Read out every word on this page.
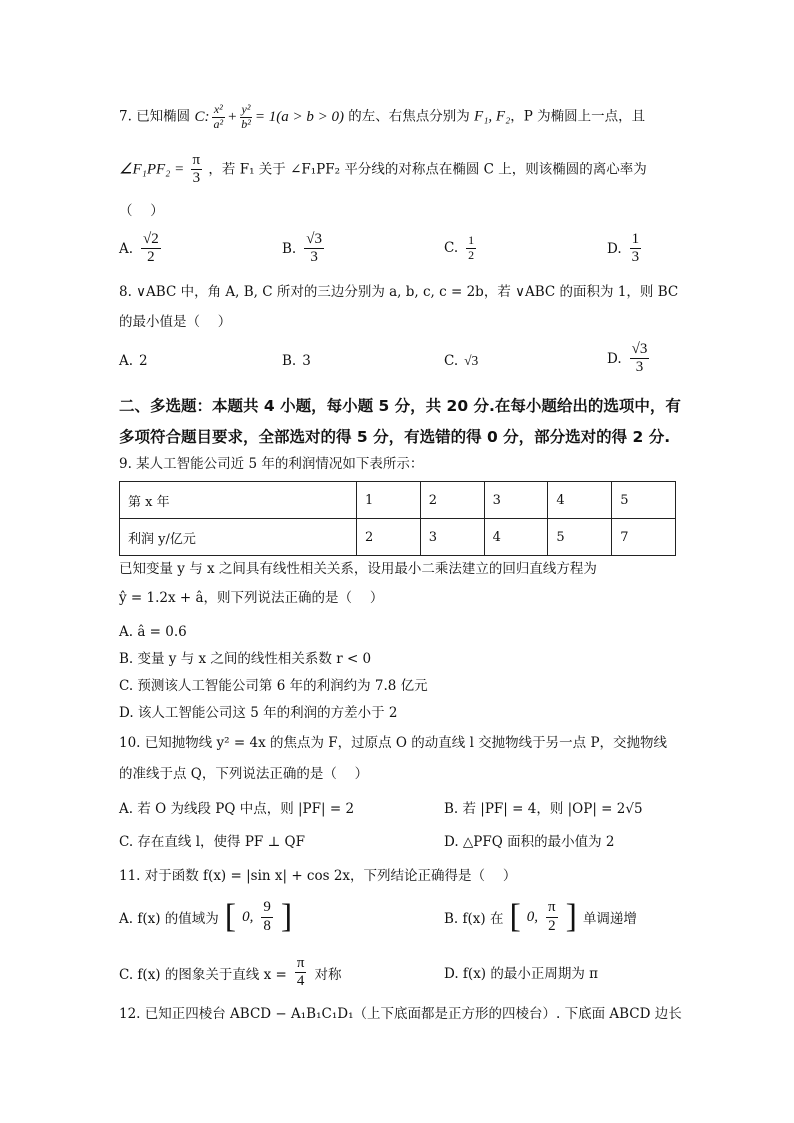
7. 已知椭圆 C: $\frac{\text{x²}}{\text{a²}} + \frac{\text{y²}}{\text{b²}} = 1(a > b > 0)$ 的左、右焦点分别为 F₁, F₂，P 为椭圆上一点，且
∠F₁PF₂ = $\frac{\pi}{3}$ ，若 F₁ 关于 ∠F₁PF₂ 平分线的对称点在椭圆 C 上，则该椭圆的离心率为
（　 ）
A. $\frac{√2}{2}$	B. $\frac{√3}{3}$	C. $\frac{1}{2}$	D. $\frac{1}{3}$
8. ∨ABC 中，角 A, B, C 所对的三边分别为 a, b, c, c = 2b，若 ∨ABC 的面积为 1，则 BC
的最小值是（　 ）
A. 2	B. 3	C. √3	D. $\frac{√3}{3}$
二、多选题：本题共 4 小题，每小题 5 分，共 20 分.在每小题给出的选项中，有
多项符合题目要求，全部选对的得 5 分，有选错的得 0 分，部分选对的得 2 分.
9. 某人工智能公司近 5 年的利润情况如下表所示：
第 x 年	1	2	3	4	5
利润 y/亿元	2	3	4	5	7
已知变量 y 与 x 之间具有线性相关关系，设用最小二乘法建立的回归直线方程为
ŷ = 1.2x + â，则下列说法正确的是（　 ）
A. â = 0.6
B. 变量 y 与 x 之间的线性相关系数 r < 0
C. 预测该人工智能公司第 6 年的利润约为 7.8 亿元
D. 该人工智能公司这 5 年的利润的方差小于 2
10. 已知抛物线 y² = 4x 的焦点为 F，过原点 O 的动直线 l 交抛物线于另一点 P，交抛物线
的准线于点 Q，下列说法正确的是（　 ）
A. 若 O 为线段 PQ 中点，则 |PF| = 2	B. 若 |PF| = 4，则 |OP| = 2√5
C. 存在直线 l，使得 PF ⊥ QF	D. △PFQ 面积的最小值为 2
11. 对于函数 f(x) = |sin x| + cos 2x，下列结论正确得是（　 ）
A. f(x) 的值域为 [ 0, $\frac{9}{8}$ ]	B. f(x) 在 [ 0, $\frac{\pi}{2}$ ] 单调递增
C. f(x) 的图象关于直线 $x = \frac{\pi}{4}$ 对称	D. f(x) 的最小正周期为 π
12. 已知正四棱台 ABCD − A₁B₁C₁D₁（上下底面都是正方形的四棱台）. 下底面 ABCD 边长
